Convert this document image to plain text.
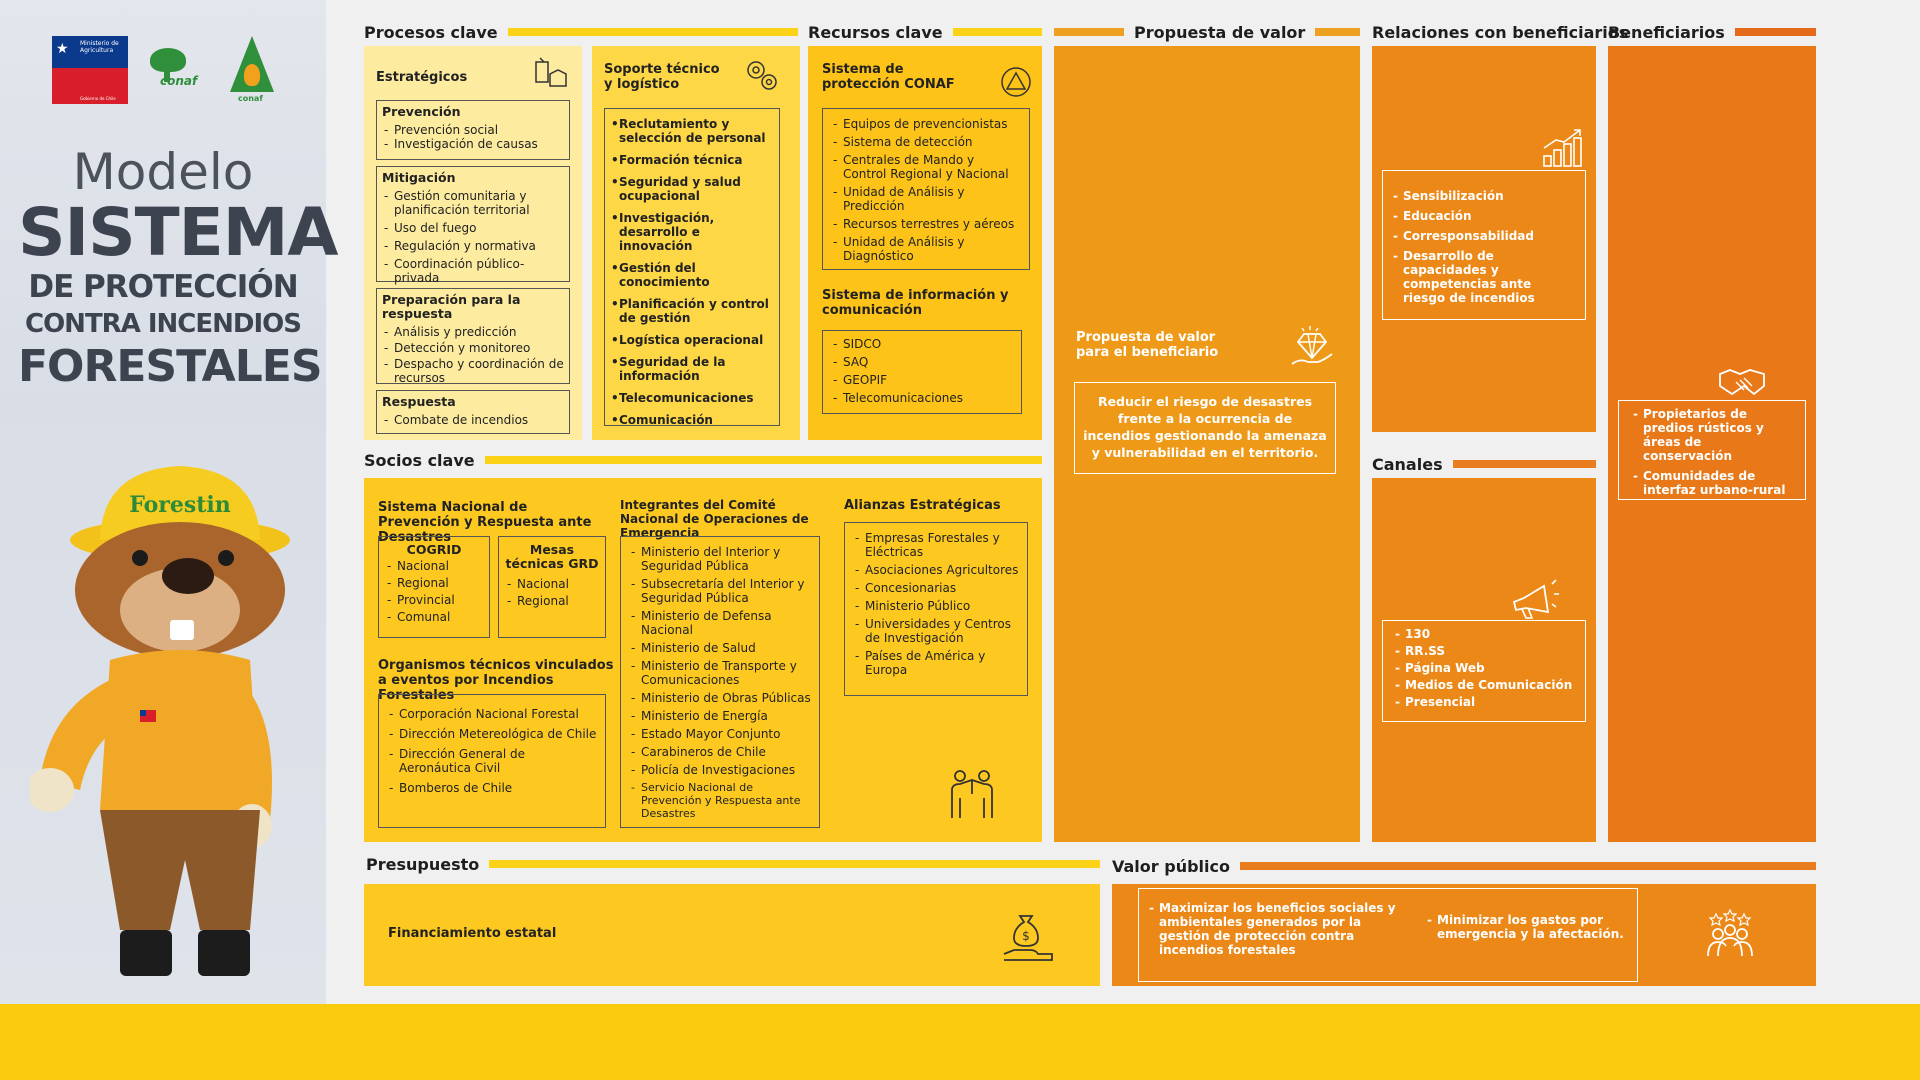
★ Ministerio de Agricultura
Gobierno de Chile
conaf
conaf
Modelo
SISTEMA
DE PROTECCIÓN
CONTRA INCENDIOS
FORESTALES
Forestin
Procesos clave	Recursos clave	Propuesta de valor	Relaciones con beneficiarios
Beneficiarios
Socios clave	Canales
Presupuesto	Valor público
Estratégicos
Prevención
- Prevención social
- Investigación de causas
Mitigación
- Gestión comunitaria y planificación territorial
- Uso del fuego
- Regulación y normativa
- Coordinación público-privada
Preparación para la respuesta
- Análisis y predicción
- Detección y monitoreo
- Despacho y coordinación de recursos
Respuesta
- Combate de incendios
Soporte técnico y logístico
• Reclutamiento y selección de personal
• Formación técnica
• Seguridad y salud ocupacional
• Investigación, desarrollo e innovación
• Gestión del conocimiento
• Planificación y control de gestión
• Logística operacional
• Seguridad de la información
• Telecomunicaciones
• Comunicación
Sistema de protección CONAF
- Equipos de prevencionistas
- Sistema de detección
- Centrales de Mando y Control Regional y Nacional
- Unidad de Análisis y Predicción
- Recursos terrestres y aéreos
- Unidad de Análisis y Diagnóstico
Sistema de información y comunicación
- SIDCO
- SAQ
- GEOPIF
- Telecomunicaciones
Sistema Nacional de Prevención y Respuesta ante Desastres
COGRID
- Nacional
- Regional
- Provincial
- Comunal
Mesas técnicas GRD
- Nacional
- Regional
Organismos técnicos vinculados a eventos por Incendios Forestales
- Corporación Nacional Forestal
- Dirección Metereológica de Chile
- Dirección General de Aeronáutica Civil
- Bomberos de Chile
Integrantes del Comité Nacional de Operaciones de Emergencia
- Ministerio del Interior y Seguridad Pública
- Subsecretaría del Interior y Seguridad Pública
- Ministerio de Defensa Nacional
- Ministerio de Salud
- Ministerio de Transporte y Comunicaciones
- Ministerio de Obras Públicas
- Ministerio de Energía
- Estado Mayor Conjunto
- Carabineros de Chile
- Policía de Investigaciones
- Servicio Nacional de Prevención y Respuesta ante Desastres
Alianzas Estratégicas
- Empresas Forestales y Eléctricas
- Asociaciones Agricultores
- Concesionarias
- Ministerio Público
- Universidades y Centros de Investigación
- Países de América y Europa
Propuesta de valor para el beneficiario
Reducir el riesgo de desastres frente a la ocurrencia de incendios gestionando la amenaza y vulnerabilidad en el territorio.
- Sensibilización
- Educación
- Corresponsabilidad
- Desarrollo de capacidades y competencias ante riesgo de incendios
- 130
- RR.SS
- Página Web
- Medios de Comunicación
- Presencial
- Propietarios de predios rústicos y áreas de conservación
- Comunidades de interfaz urbano-rural
Financiamiento estatal	$
- Maximizar los beneficios sociales y ambientales generados por la gestión de protección contra incendios forestales
- Minimizar los gastos por emergencia y la afectación.
